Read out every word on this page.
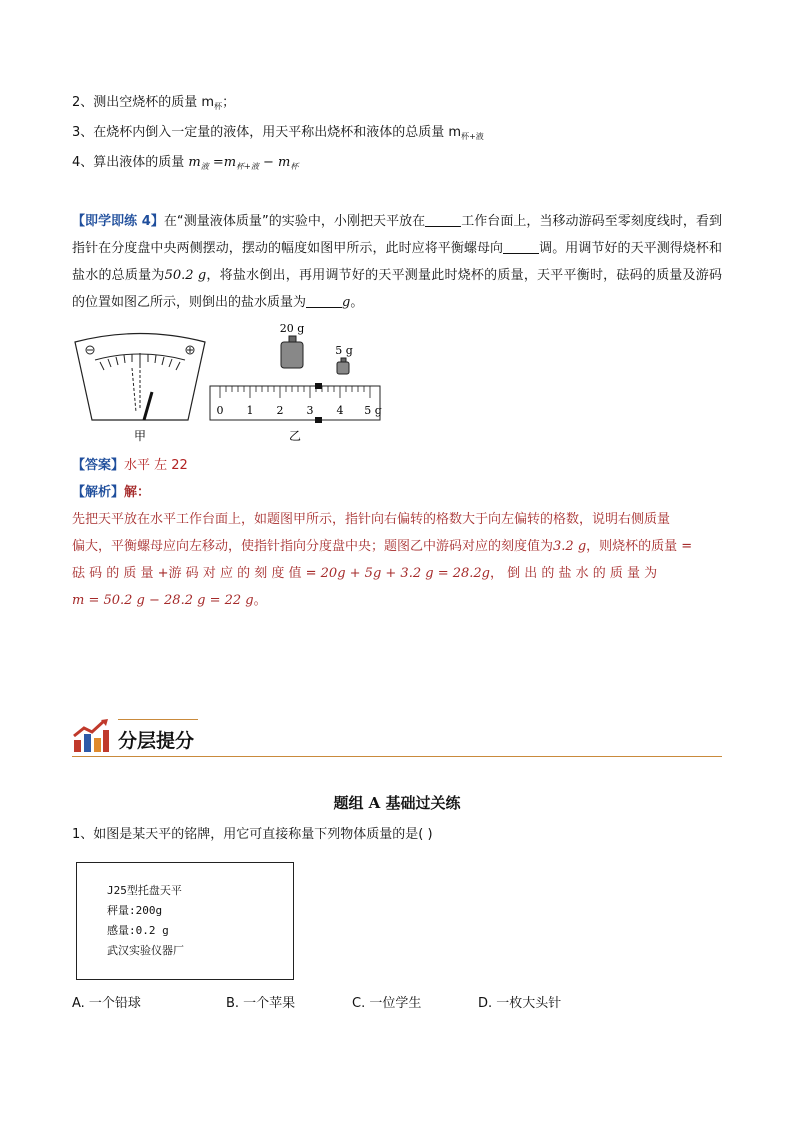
2、测出空烧杯的质量 $m_杯$；
3、在烧杯内倒入一定量的液体，用天平称出烧杯和液体的总质量 $m_{杯+液}$
4、算出液体的质量 $m_液 =m_{杯+液} - m_杯$
【即学即练 4】在“测量液体质量”的实验中，小刚把天平放在	工作台面上，当移动游码至零刻度线时，看到指针在分度盘中央两侧摆动，摆动的幅度如图甲所示，此时应将平衡螺母向	调。用调节好的天平测得烧杯和盐水的总质量为50.2 g，将盐水倒出，再用调节好的天平测量此时烧杯的质量，天平平衡时，砝码的质量及游码的位置如图乙所示，则倒出的盐水质量为	g。
甲
20 g
5 g
0 1 2 3 4 5 g
乙
【答案】水平 左 22
【解析】解：
先把天平放在水平工作台面上，如题图甲所示，指针向右偏转的格数大于向左偏转的格数，说明右侧质量
偏大，平衡螺母应向左移动，使指针指向分度盘中央；题图乙中游码对应的刻度值为3.2 g，则烧杯的质量 =
砝 码 的 质 量 +游 码 对 应 的 刻 度 值 = 20g + 5g + 3.2 g = 28.2g， 倒 出 的 盐 水 的 质 量 为
m = 50.2 g − 28.2 g = 22 g。
分层提分
题组 A 基础过关练
1、如图是某天平的铭牌，用它可直接称量下列物体质量的是( )
J25型托盘天平
秤量:200g
感量:0.2 g
武汉实验仪器厂
A. 一个铅球	B. 一个苹果	C. 一位学生	D. 一枚大头针
